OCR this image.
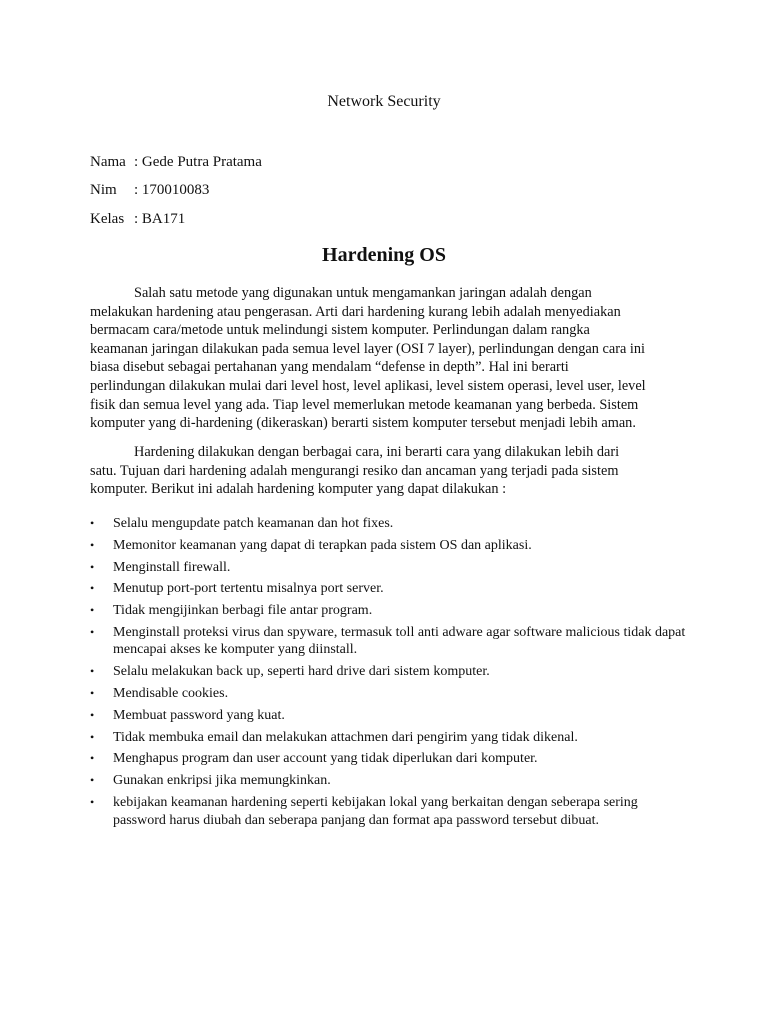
Network Security
Nama : Gede Putra Pratama
Nim : 170010083
Kelas : BA171
Hardening OS

Salah satu metode yang digunakan untuk mengamankan jaringan adalah dengan
melakukan hardening atau pengerasan. Arti dari hardening kurang lebih adalah menyediakan
bermacam cara/metode untuk melindungi sistem komputer. Perlindungan dalam rangka
keamanan jaringan dilakukan pada semua level layer (OSI 7 layer), perlindungan dengan cara ini
biasa disebut sebagai pertahanan yang mendalam “defense in depth”. Hal ini berarti
perlindungan dilakukan mulai dari level host, level aplikasi, level sistem operasi, level user, level
fisik dan semua level yang ada. Tiap level memerlukan metode keamanan yang berbeda. Sistem
komputer yang di-hardening (dikeraskan) berarti sistem komputer tersebut menjadi lebih aman.

Hardening dilakukan dengan berbagai cara, ini berarti cara yang dilakukan lebih dari
satu. Tujuan dari hardening adalah mengurangi resiko dan ancaman yang terjadi pada sistem
komputer. Berikut ini adalah hardening komputer yang dapat dilakukan :

• Selalu mengupdate patch keamanan dan hot fixes.
• Memonitor keamanan yang dapat di terapkan pada sistem OS dan aplikasi.
• Menginstall firewall.
• Menutup port-port tertentu misalnya port server.
• Tidak mengijinkan berbagi file antar program.
• Menginstall proteksi virus dan spyware, termasuk toll anti adware agar software malicious tidak dapat mencapai akses ke komputer yang diinstall.
• Selalu melakukan back up, seperti hard drive dari sistem komputer.
• Mendisable cookies.
• Membuat password yang kuat.
• Tidak membuka email dan melakukan attachmen dari pengirim yang tidak dikenal.
• Menghapus program dan user account yang tidak diperlukan dari komputer.
• Gunakan enkripsi jika memungkinkan.
• kebijakan keamanan hardening seperti kebijakan lokal yang berkaitan dengan seberapa sering password harus diubah dan seberapa panjang dan format apa password tersebut dibuat.
